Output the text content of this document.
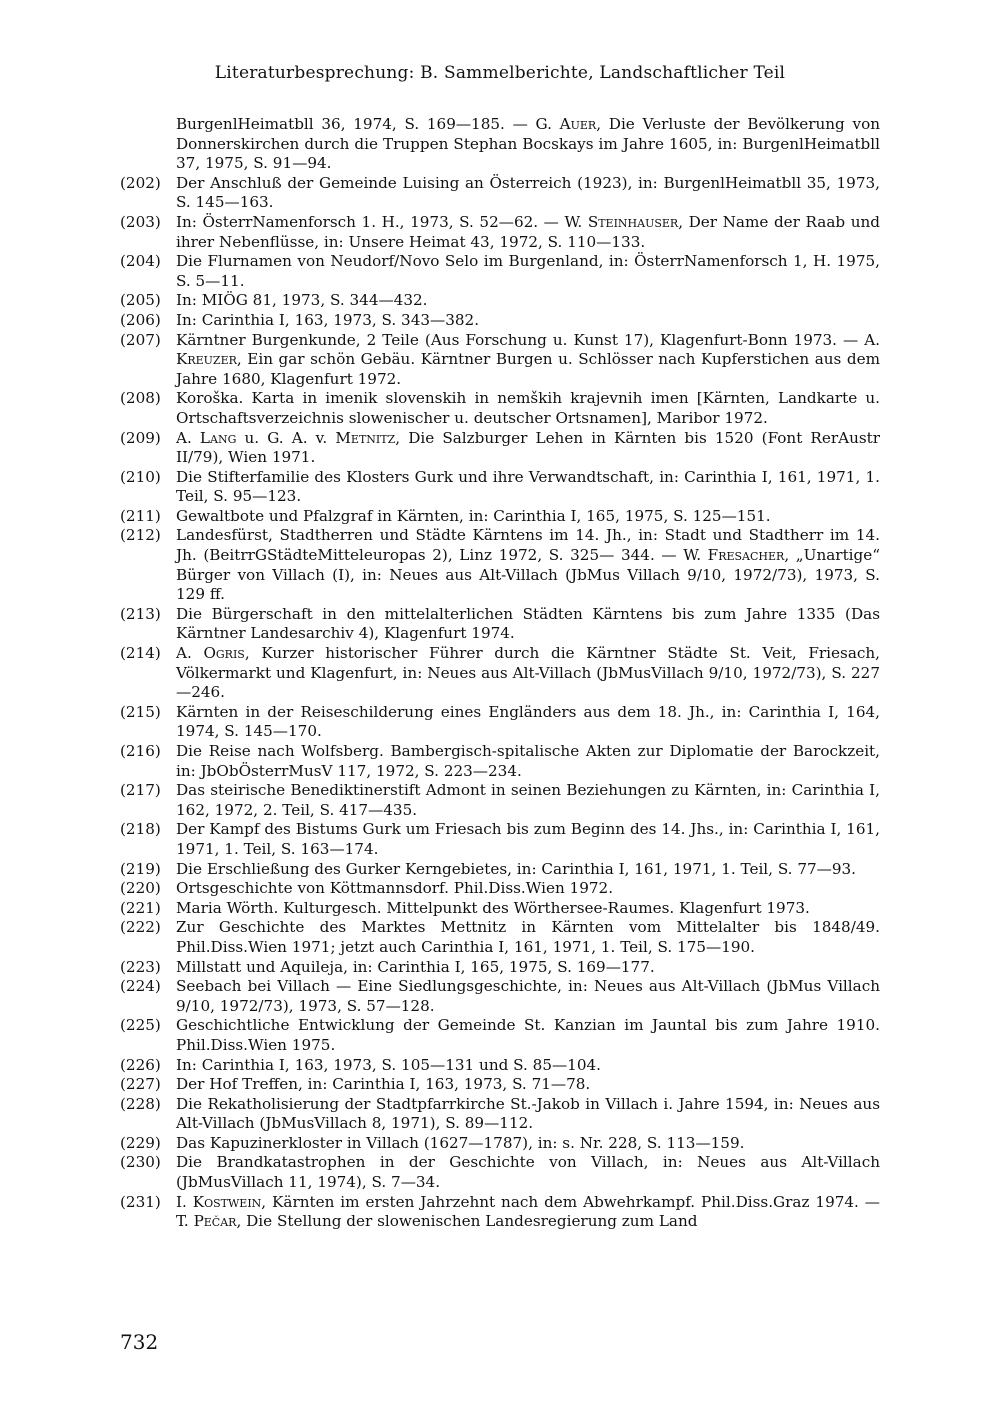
Literaturbesprechung: B. Sammelberichte, Landschaftlicher Teil
BurgenlHeimatbll 36, 1974, S. 169—185. — G. Auer, Die Verluste der Bevölkerung von Donnerskirchen durch die Truppen Stephan Bocskays im Jahre 1605, in: BurgenlHeimatbll 37, 1975, S. 91—94.
(202) Der Anschluß der Gemeinde Luising an Österreich (1923), in: BurgenlHeimatbll 35, 1973, S. 145—163.
(203) In: ÖsterrNamenforsch 1. H., 1973, S. 52—62. — W. Steinhauser, Der Name der Raab und ihrer Nebenflüsse, in: Unsere Heimat 43, 1972, S. 110—133.
(204) Die Flurnamen von Neudorf/Novo Selo im Burgenland, in: ÖsterrNamenforsch 1, H. 1975, S. 5—11.
(205) In: MIÖG 81, 1973, S. 344—432.
(206) In: Carinthia I, 163, 1973, S. 343—382.
(207) Kärntner Burgenkunde, 2 Teile (Aus Forschung u. Kunst 17), Klagenfurt-Bonn 1973. — A. Kreuzer, Ein gar schön Gebäu. Kärntner Burgen u. Schlösser nach Kupferstichen aus dem Jahre 1680, Klagenfurt 1972.
(208) Koroška. Karta in imenik slovenskih in nemških krajevnih imen [Kärnten, Landkarte u. Ortschaftsverzeichnis slowenischer u. deutscher Ortsnamen], Maribor 1972.
(209) A. Lang u. G. A. v. Metnitz, Die Salzburger Lehen in Kärnten bis 1520 (Font RerAustr II/79), Wien 1971.
(210) Die Stifterfamilie des Klosters Gurk und ihre Verwandtschaft, in: Carinthia I, 161, 1971, 1. Teil, S. 95—123.
(211) Gewaltbote und Pfalzgraf in Kärnten, in: Carinthia I, 165, 1975, S. 125—151.
(212) Landesfürst, Stadtherren und Städte Kärntens im 14. Jh., in: Stadt und Stadtherr im 14. Jh. (BeitrrGStädteMitteleuropas 2), Linz 1972, S. 325— 344. — W. Fresacher, „Unartige“ Bürger von Villach (I), in: Neues aus Alt-Villach (JbMus Villach 9/10, 1972/73), 1973, S. 129 ff.
(213) Die Bürgerschaft in den mittelalterlichen Städten Kärntens bis zum Jahre 1335 (Das Kärntner Landesarchiv 4), Klagenfurt 1974.
(214) A. Ogris, Kurzer historischer Führer durch die Kärntner Städte St. Veit, Friesach, Völkermarkt und Klagenfurt, in: Neues aus Alt-Villach (JbMusVillach 9/10, 1972/73), S. 227—246.
(215) Kärnten in der Reiseschilderung eines Engländers aus dem 18. Jh., in: Carinthia I, 164, 1974, S. 145—170.
(216) Die Reise nach Wolfsberg. Bambergisch-spitalische Akten zur Diplomatie der Barockzeit, in: JbObÖsterrMusV 117, 1972, S. 223—234.
(217) Das steirische Benediktinerstift Admont in seinen Beziehungen zu Kärnten, in: Carinthia I, 162, 1972, 2. Teil, S. 417—435.
(218) Der Kampf des Bistums Gurk um Friesach bis zum Beginn des 14. Jhs., in: Carinthia I, 161, 1971, 1. Teil, S. 163—174.
(219) Die Erschließung des Gurker Kerngebietes, in: Carinthia I, 161, 1971, 1. Teil, S. 77—93.
(220) Ortsgeschichte von Köttmannsdorf. Phil.Diss.Wien 1972.
(221) Maria Wörth. Kulturgesch. Mittelpunkt des Wörthersee-Raumes. Klagenfurt 1973.
(222) Zur Geschichte des Marktes Mettnitz in Kärnten vom Mittelalter bis 1848/49. Phil.Diss.Wien 1971; jetzt auch Carinthia I, 161, 1971, 1. Teil, S. 175—190.
(223) Millstatt und Aquileja, in: Carinthia I, 165, 1975, S. 169—177.
(224) Seebach bei Villach — Eine Siedlungsgeschichte, in: Neues aus Alt-Villach (JbMus Villach 9/10, 1972/73), 1973, S. 57—128.
(225) Geschichtliche Entwicklung der Gemeinde St. Kanzian im Jauntal bis zum Jahre 1910. Phil.Diss.Wien 1975.
(226) In: Carinthia I, 163, 1973, S. 105—131 und S. 85—104.
(227) Der Hof Treffen, in: Carinthia I, 163, 1973, S. 71—78.
(228) Die Rekatholisierung der Stadtpfarrkirche St.-Jakob in Villach i. Jahre 1594, in: Neues aus Alt-Villach (JbMusVillach 8, 1971), S. 89—112.
(229) Das Kapuzinerkloster in Villach (1627—1787), in: s. Nr. 228, S. 113—159.
(230) Die Brandkatastrophen in der Geschichte von Villach, in: Neues aus Alt-Villach (JbMusVillach 11, 1974), S. 7—34.
(231) I. Kostwein, Kärnten im ersten Jahrzehnt nach dem Abwehrkampf. Phil.Diss.Graz 1974. — T. Pečar, Die Stellung der slowenischen Landesregierung zum Land
732
